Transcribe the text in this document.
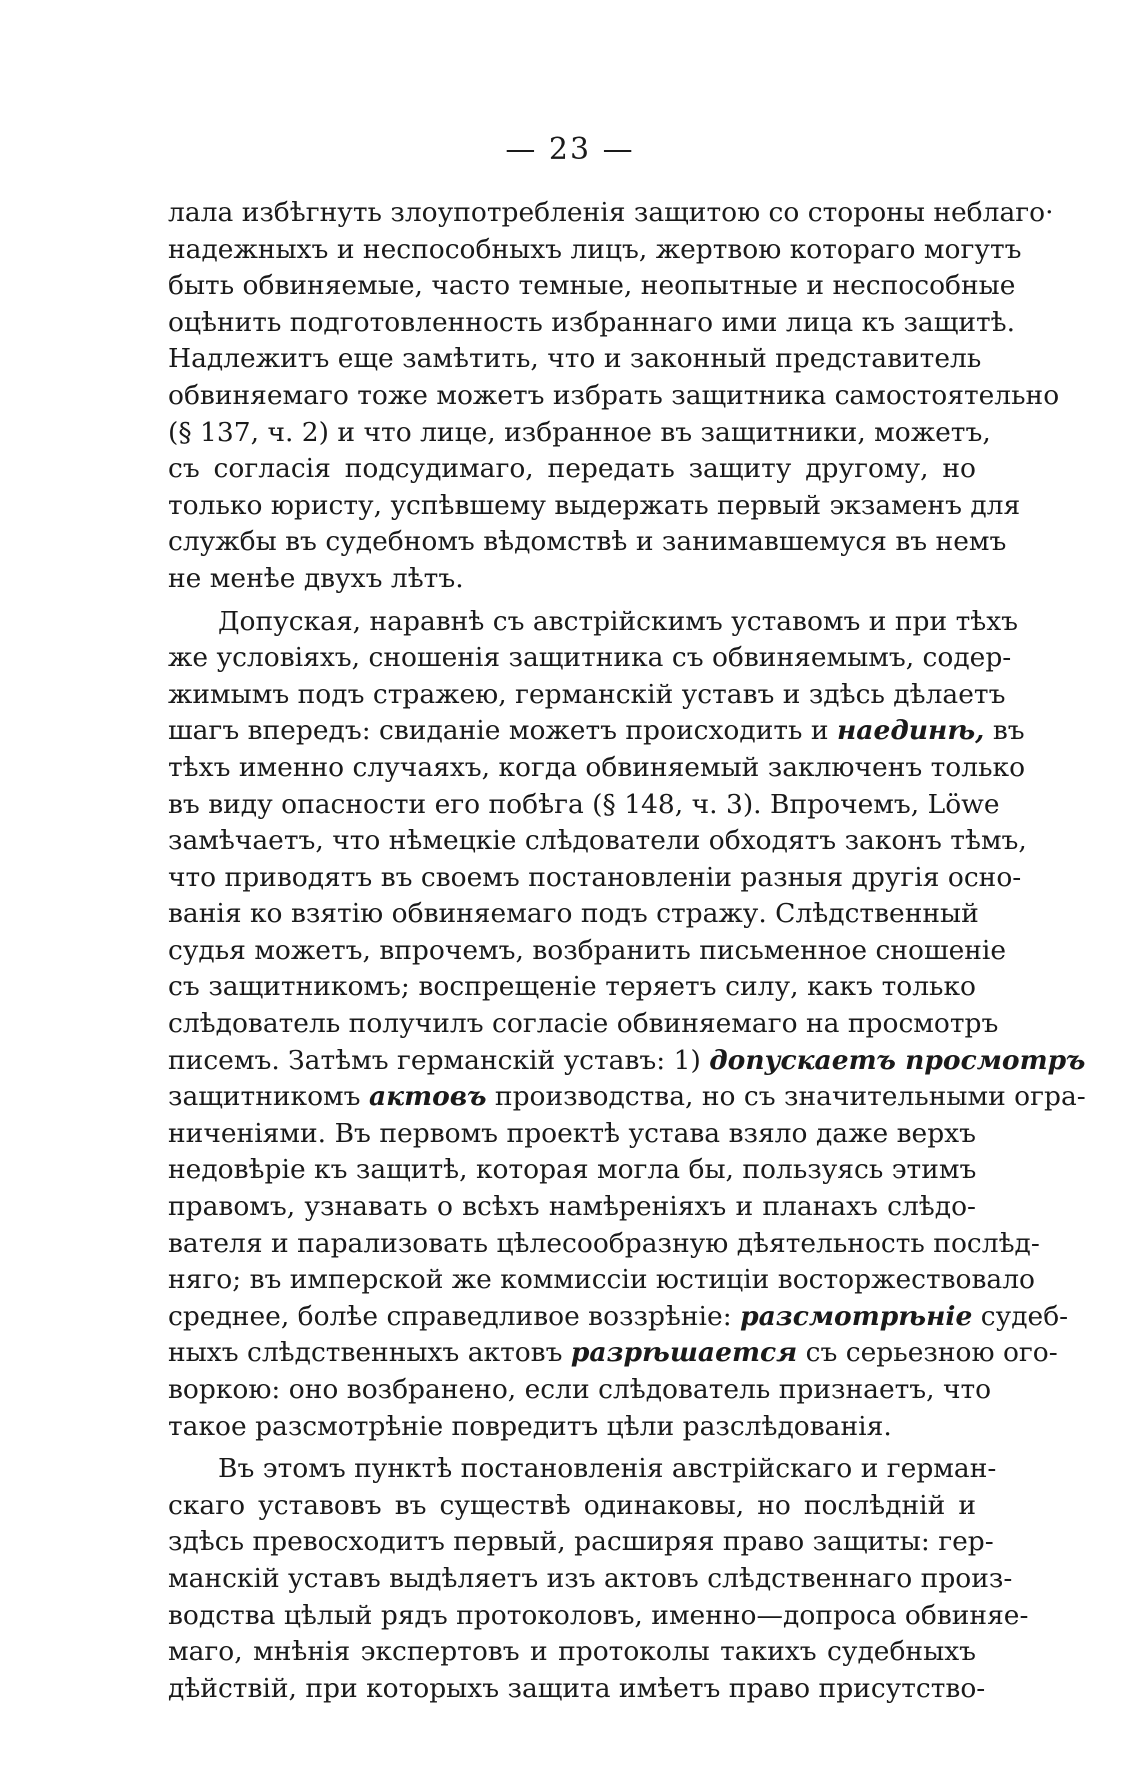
— 23 —
лала избѣгнуть злоупотребленія защитою со стороны неблаго·
надежныхъ и неспособныхъ лицъ, жертвою котораго могутъ
быть обвиняемые, часто темные, неопытные и неспособные
оцѣнить подготовленность избраннаго ими лица къ защитѣ.
Надлежитъ еще замѣтить, что и законный представитель
обвиняемаго тоже можетъ избрать защитника самостоятельно
(§ 137, ч. 2) и что лице, избранное въ защитники, можетъ,
съ согласія подсудимаго, передать защиту другому, но
только юристу, успѣвшему выдержать первый экзаменъ для
службы въ судебномъ вѣдомствѣ и занимавшемуся въ немъ
не менѣе двухъ лѣтъ.
Допуская, наравнѣ съ австрійскимъ уставомъ и при тѣхъ
же условіяхъ, сношенія защитника съ обвиняемымъ, содер-
жимымъ подъ стражею, германскій уставъ и здѣсь дѣлаетъ
шагъ впередъ: свиданіе можетъ происходить и наединѣ, въ
тѣхъ именно случаяхъ, когда обвиняемый заключенъ только
въ виду опасности его побѣга (§ 148, ч. 3). Впрочемъ, Löwe
замѣчаетъ, что нѣмецкіе слѣдователи обходятъ законъ тѣмъ,
что приводятъ въ своемъ постановленіи разныя другія осно-
ванія ко взятію обвиняемаго подъ стражу. Слѣдственный
судья можетъ, впрочемъ, возбранить письменное сношеніе
съ защитникомъ; воспрещеніе теряетъ силу, какъ только
слѣдователь получилъ согласіе обвиняемаго на просмотръ
писемъ. Затѣмъ германскій уставъ: 1) допускаетъ просмотръ
защитникомъ актовъ производства, но съ значительными огра-
ниченіями. Въ первомъ проектѣ устава взяло даже верхъ
недовѣріе къ защитѣ, которая могла бы, пользуясь этимъ
правомъ, узнавать о всѣхъ намѣреніяхъ и планахъ слѣдо-
вателя и парализовать цѣлесообразную дѣятельность послѣд-
няго; въ имперской же коммиссіи юстиціи восторжествовало
среднее, болѣе справедливое воззрѣніе: разсмотрѣніе судеб-
ныхъ слѣдственныхъ актовъ разрѣшается съ серьезною ого-
воркою: оно возбранено, если слѣдователь признаетъ, что
такое разсмотрѣніе повредитъ цѣли разслѣдованія.
Въ этомъ пунктѣ постановленія австрійскаго и герман-
скаго уставовъ въ существѣ одинаковы, но послѣдній и
здѣсь превосходитъ первый, расширяя право защиты: гер-
манскій уставъ выдѣляетъ изъ актовъ слѣдственнаго произ-
водства цѣлый рядъ протоколовъ, именно—допроса обвиняе-
маго, мнѣнія экспертовъ и протоколы такихъ судебныхъ
дѣйствій, при которыхъ защита имѣетъ право присутство-
